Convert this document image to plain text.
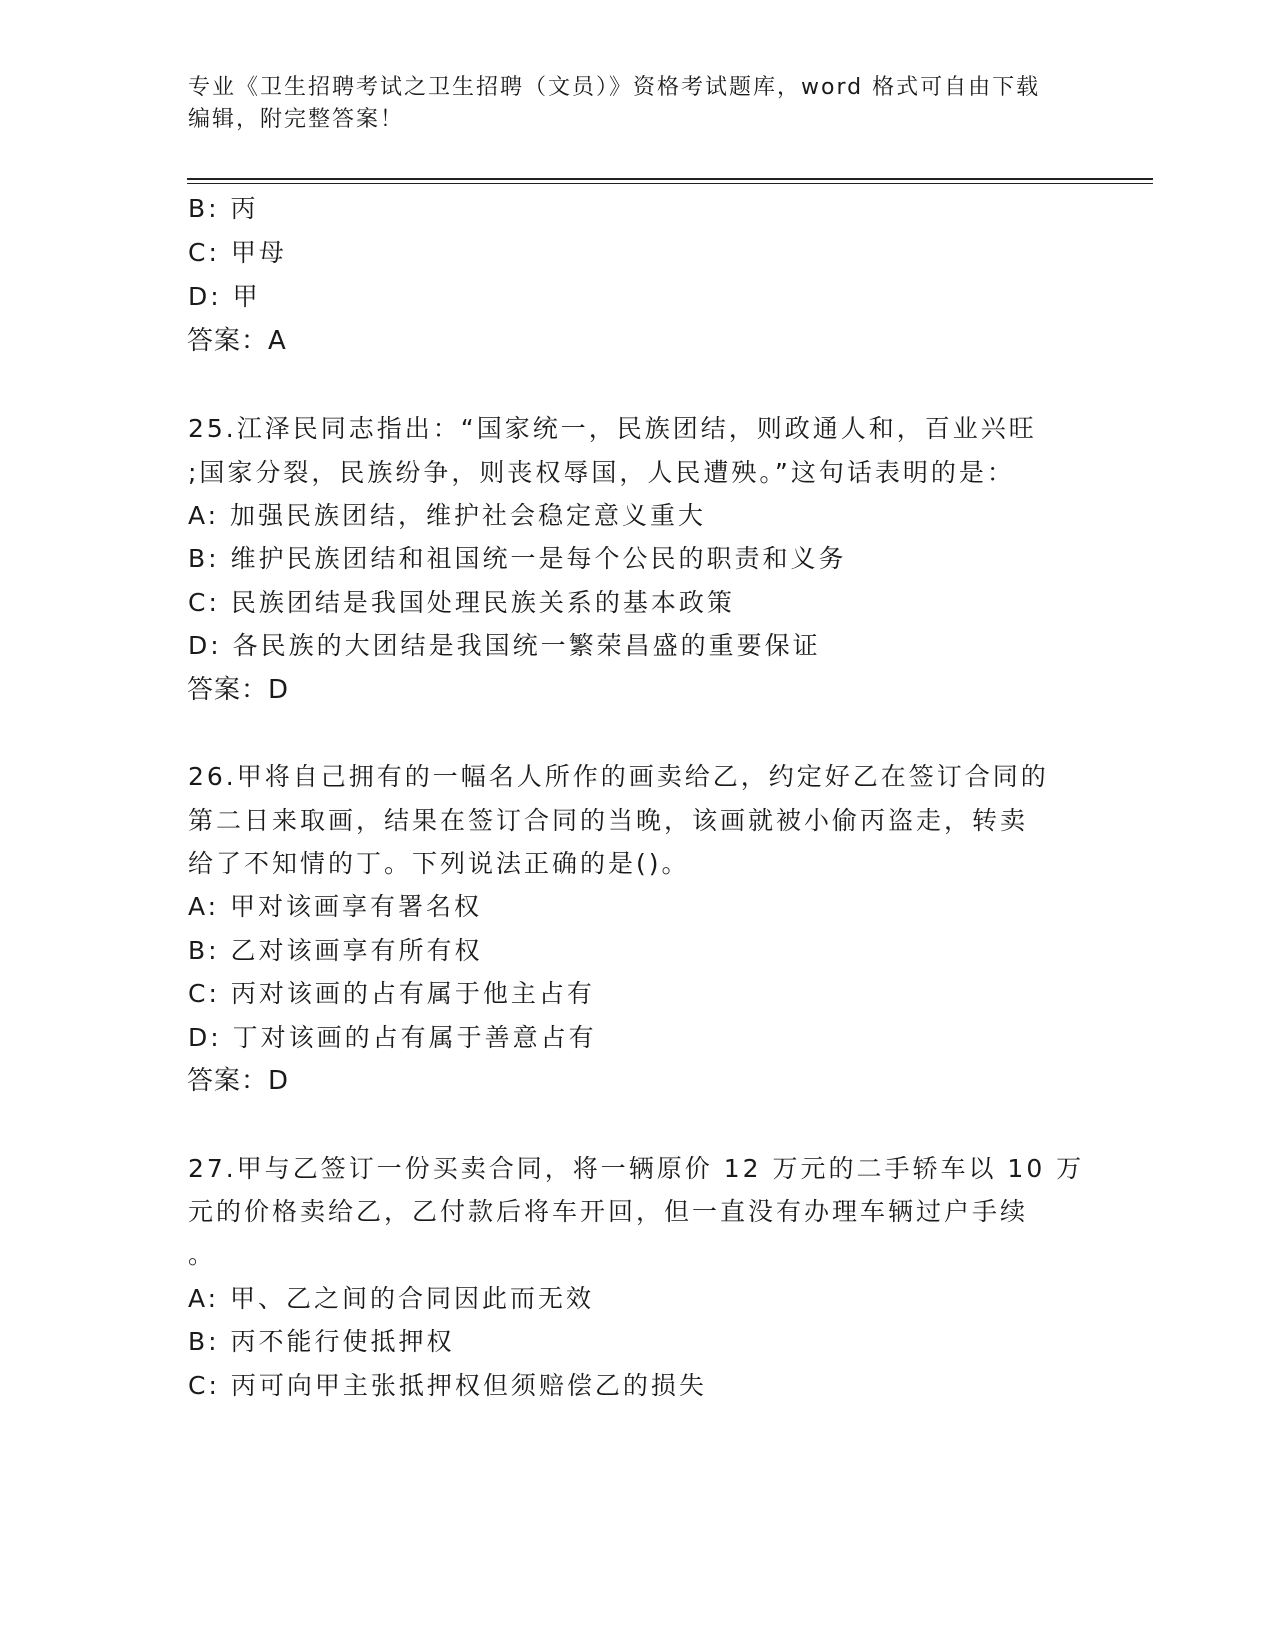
专业《卫生招聘考试之卫生招聘（文员）》资格考试题库，word 格式可自由下载
编辑，附完整答案！
B: 丙
C: 甲母
D: 甲
答案：A
25.江泽民同志指出：“国家统一，民族团结，则政通人和，百业兴旺
;国家分裂，民族纷争，则丧权辱国，人民遭殃。”这句话表明的是：
A: 加强民族团结，维护社会稳定意义重大
B: 维护民族团结和祖国统一是每个公民的职责和义务
C: 民族团结是我国处理民族关系的基本政策
D: 各民族的大团结是我国统一繁荣昌盛的重要保证
答案：D
26.甲将自己拥有的一幅名人所作的画卖给乙，约定好乙在签订合同的
第二日来取画，结果在签订合同的当晚，该画就被小偷丙盗走，转卖
给了不知情的丁。下列说法正确的是()。
A: 甲对该画享有署名权
B: 乙对该画享有所有权
C: 丙对该画的占有属于他主占有
D: 丁对该画的占有属于善意占有
答案：D
27.甲与乙签订一份买卖合同，将一辆原价 12 万元的二手轿车以 10 万
元的价格卖给乙，乙付款后将车开回，但一直没有办理车辆过户手续
。
A: 甲、乙之间的合同因此而无效
B: 丙不能行使抵押权
C: 丙可向甲主张抵押权但须赔偿乙的损失
